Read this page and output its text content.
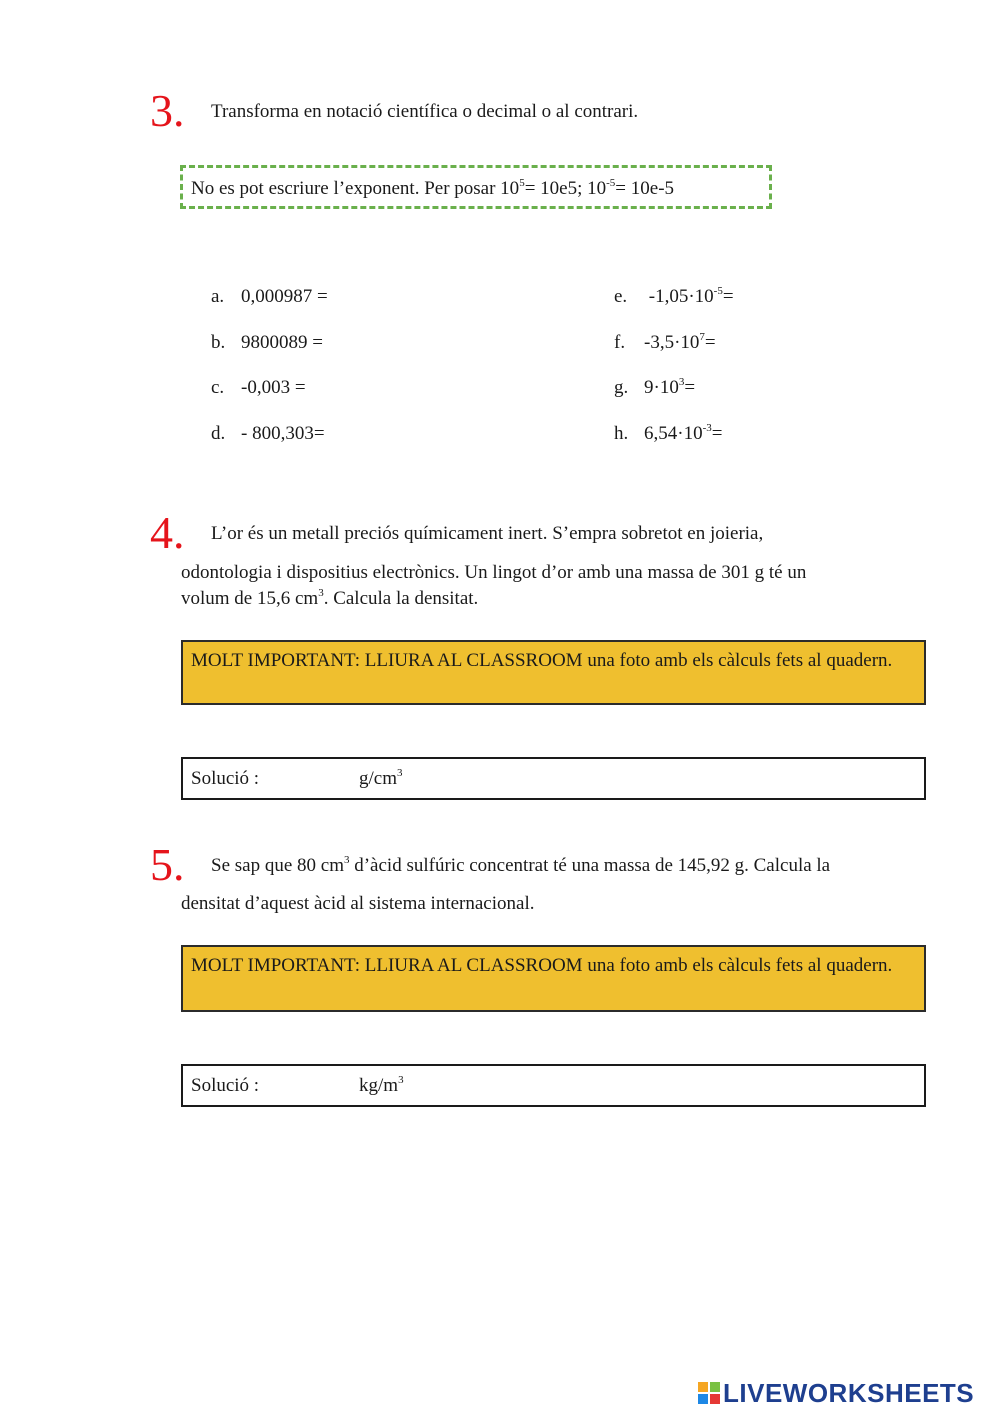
3. Transforma en notació científica o decimal o al contrari.
No es pot escriure l’exponent. Per posar $10^5= 10e5$; $10^{-5}= 10e-5$
a. 0,000987 =
b. 9800089 =
c. -0,003 =
d. - 800,303=
e. $-1,05\cdot 10^{-5}=$
f. $-3,5\cdot 10^7=$
g. $9\cdot 10^3=$
h. $6,54\cdot 10^{-3}=$
4. L’or és un metall preciós químicament inert. S’empra sobretot en joieria,
odontologia i dispositius electrònics. Un lingot d’or amb una massa de 301 g té un
volum de 15,6 $cm^3$. Calcula la densitat.
MOLT IMPORTANT: LLIURA AL CLASSROOM una foto amb els càlculs fets al quadern.
Solució :	$g/cm^3$
5. Se sap que 80 $cm^3$ d’àcid sulfúric concentrat té una massa de 145,92 g. Calcula la
densitat d’aquest àcid al sistema internacional.
MOLT IMPORTANT: LLIURA AL CLASSROOM una foto amb els càlculs fets al quadern.
Solució :	$kg/m^3$
LIVEWORKSHEETS
